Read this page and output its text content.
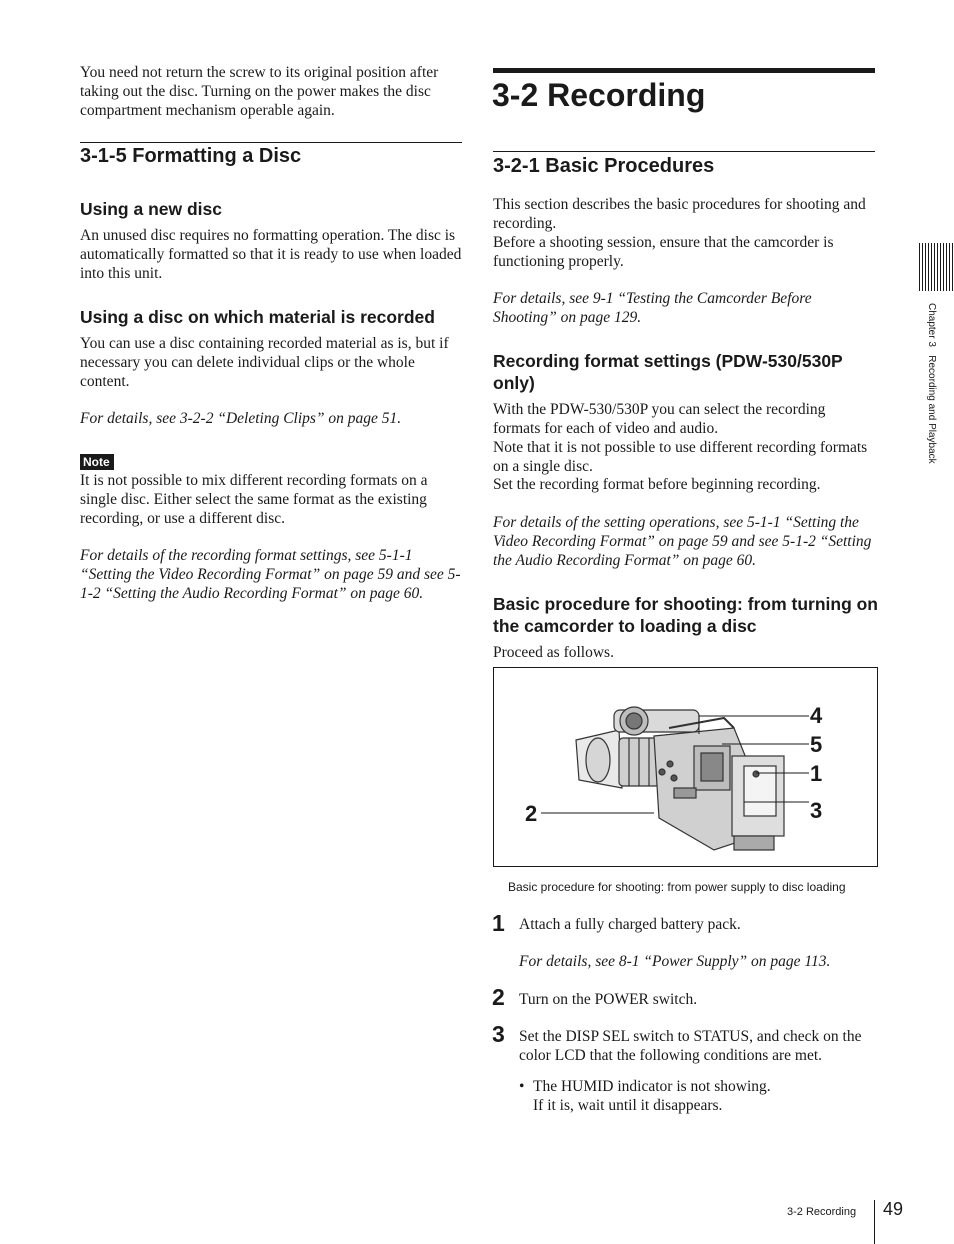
You need not return the screw to its original position after taking out the disc. Turning on the power makes the disc compartment mechanism operable again.

3-1-5 Formatting a Disc
Using a new disc

An unused disc requires no formatting operation. The disc is automatically formatted so that it is ready to use when loaded into this unit.

Using a disc on which material is recorded

You can use a disc containing recorded material as is, but if necessary you can delete individual clips or the whole content.

For details, see 3-2-2 “Deleting Clips” on page 51.

Note

It is not possible to mix different recording formats on a single disc. Either select the same format as the existing recording, or use a different disc.

For details of the recording format settings, see 5-1-1 “Setting the Video Recording Format” on page 59 and see 5-1-2 “Setting the Audio Recording Format” on page 60.

3-2 Recording
3-2-1 Basic Procedures

This section describes the basic procedures for shooting and recording.

Before a shooting session, ensure that the camcorder is functioning properly.

For details, see 9-1 “Testing the Camcorder Before Shooting” on page 129.

Recording format settings (PDW-530/530P only)

With the PDW-530/530P you can select the recording formats for each of video and audio.

Note that it is not possible to use different recording formats on a single disc.

Set the recording format before beginning recording.

For details of the setting operations, see 5-1-1 “Setting the Video Recording Format” on page 59 and see 5-1-2 “Setting the Audio Recording Format” on page 60.

Basic procedure for shooting: from turning on the camcorder to loading a disc

Proceed as follows.

4
5
1
3
2
Basic procedure for shooting: from power supply to disc loading
1 Attach a fully charged battery pack.

For details, see 8-1 “Power Supply” on page 113.

2 Turn on the POWER switch.

3 Set the DISP SEL switch to STATUS, and check on the color LCD that the following conditions are met.

• The HUMID indicator is not showing.

If it is, wait until it disappears.

Chapter 3   Recording and Playback
3-2 Recording 49
